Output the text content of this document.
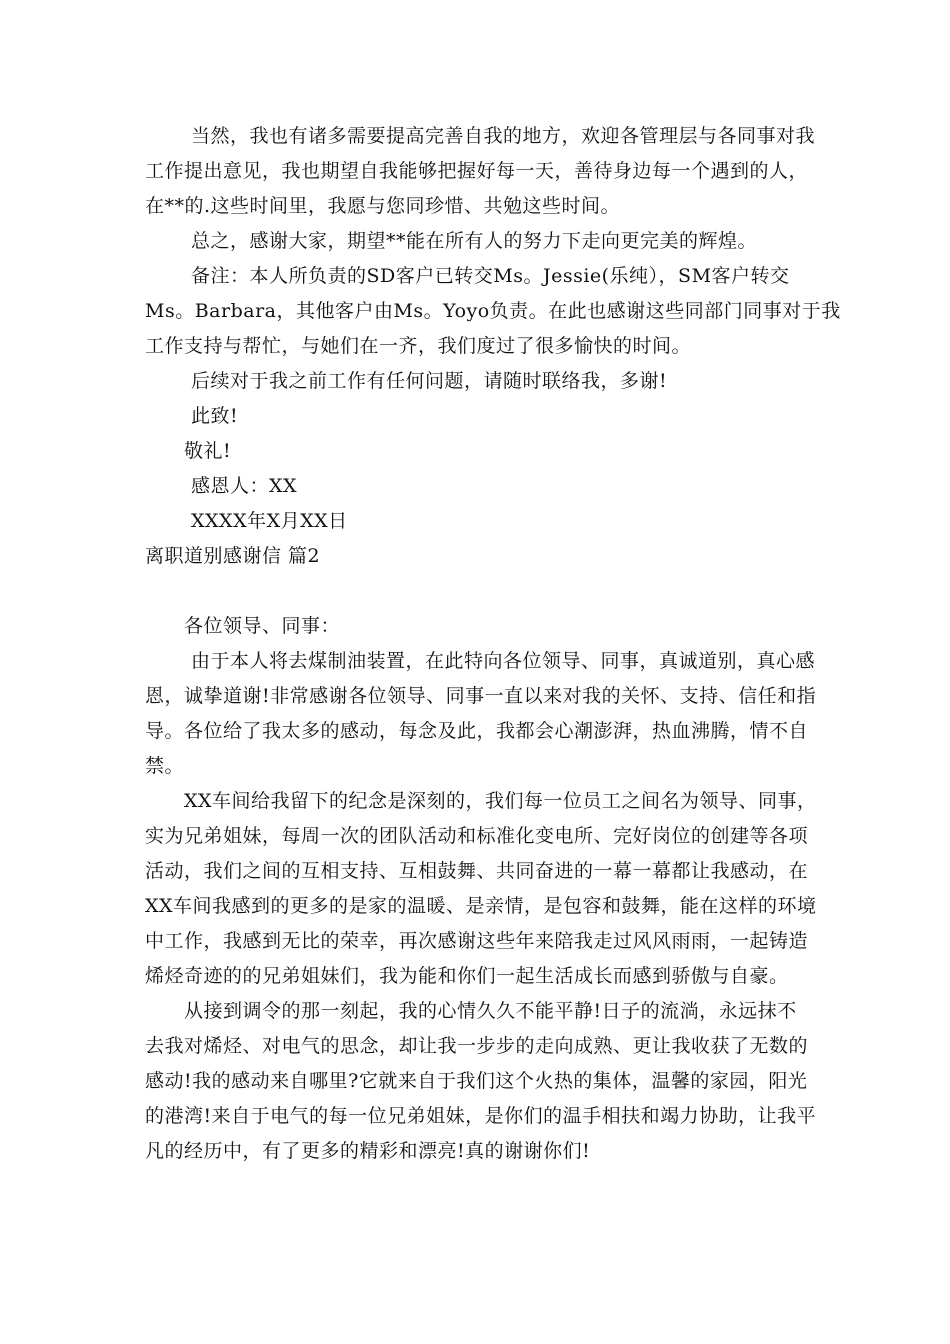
当然，我也有诸多需要提高完善自我的地方，欢迎各管理层与各同事对我
工作提出意见，我也期望自我能够把握好每一天，善待身边每一个遇到的人，
在**的.这些时间里，我愿与您同珍惜、共勉这些时间。
总之，感谢大家，期望**能在所有人的努力下走向更完美的辉煌。
备注：本人所负责的SD客户已转交Ms。Jessie(乐纯），SM客户转交
Ms。Barbara，其他客户由Ms。Yoyo负责。在此也感谢这些同部门同事对于我
工作支持与帮忙，与她们在一齐，我们度过了很多愉快的时间。
后续对于我之前工作有任何问题，请随时联络我，多谢!
此致!
敬礼!
感恩人：XX
XXXX年X月XX日
离职道别感谢信 篇2
各位领导、同事：
由于本人将去煤制油装置，在此特向各位领导、同事，真诚道别，真心感
恩，诚挚道谢!非常感谢各位领导、同事一直以来对我的关怀、支持、信任和指
导。各位给了我太多的感动，每念及此，我都会心潮澎湃，热血沸腾，情不自
禁。
XX车间给我留下的纪念是深刻的，我们每一位员工之间名为领导、同事，
实为兄弟姐妹，每周一次的团队活动和标准化变电所、完好岗位的创建等各项
活动，我们之间的互相支持、互相鼓舞、共同奋进的一幕一幕都让我感动，在
XX车间我感到的更多的是家的温暖、是亲情，是包容和鼓舞，能在这样的环境
中工作，我感到无比的荣幸，再次感谢这些年来陪我走过风风雨雨，一起铸造
烯烃奇迹的的兄弟姐妹们，我为能和你们一起生活成长而感到骄傲与自豪。
从接到调令的那一刻起，我的心情久久不能平静!日子的流淌，永远抹不
去我对烯烃、对电气的思念，却让我一步步的走向成熟、更让我收获了无数的
感动!我的感动来自哪里?它就来自于我们这个火热的集体，温馨的家园，阳光
的港湾!来自于电气的每一位兄弟姐妹，是你们的温手相扶和竭力协助，让我平
凡的经历中，有了更多的精彩和漂亮!真的谢谢你们!
